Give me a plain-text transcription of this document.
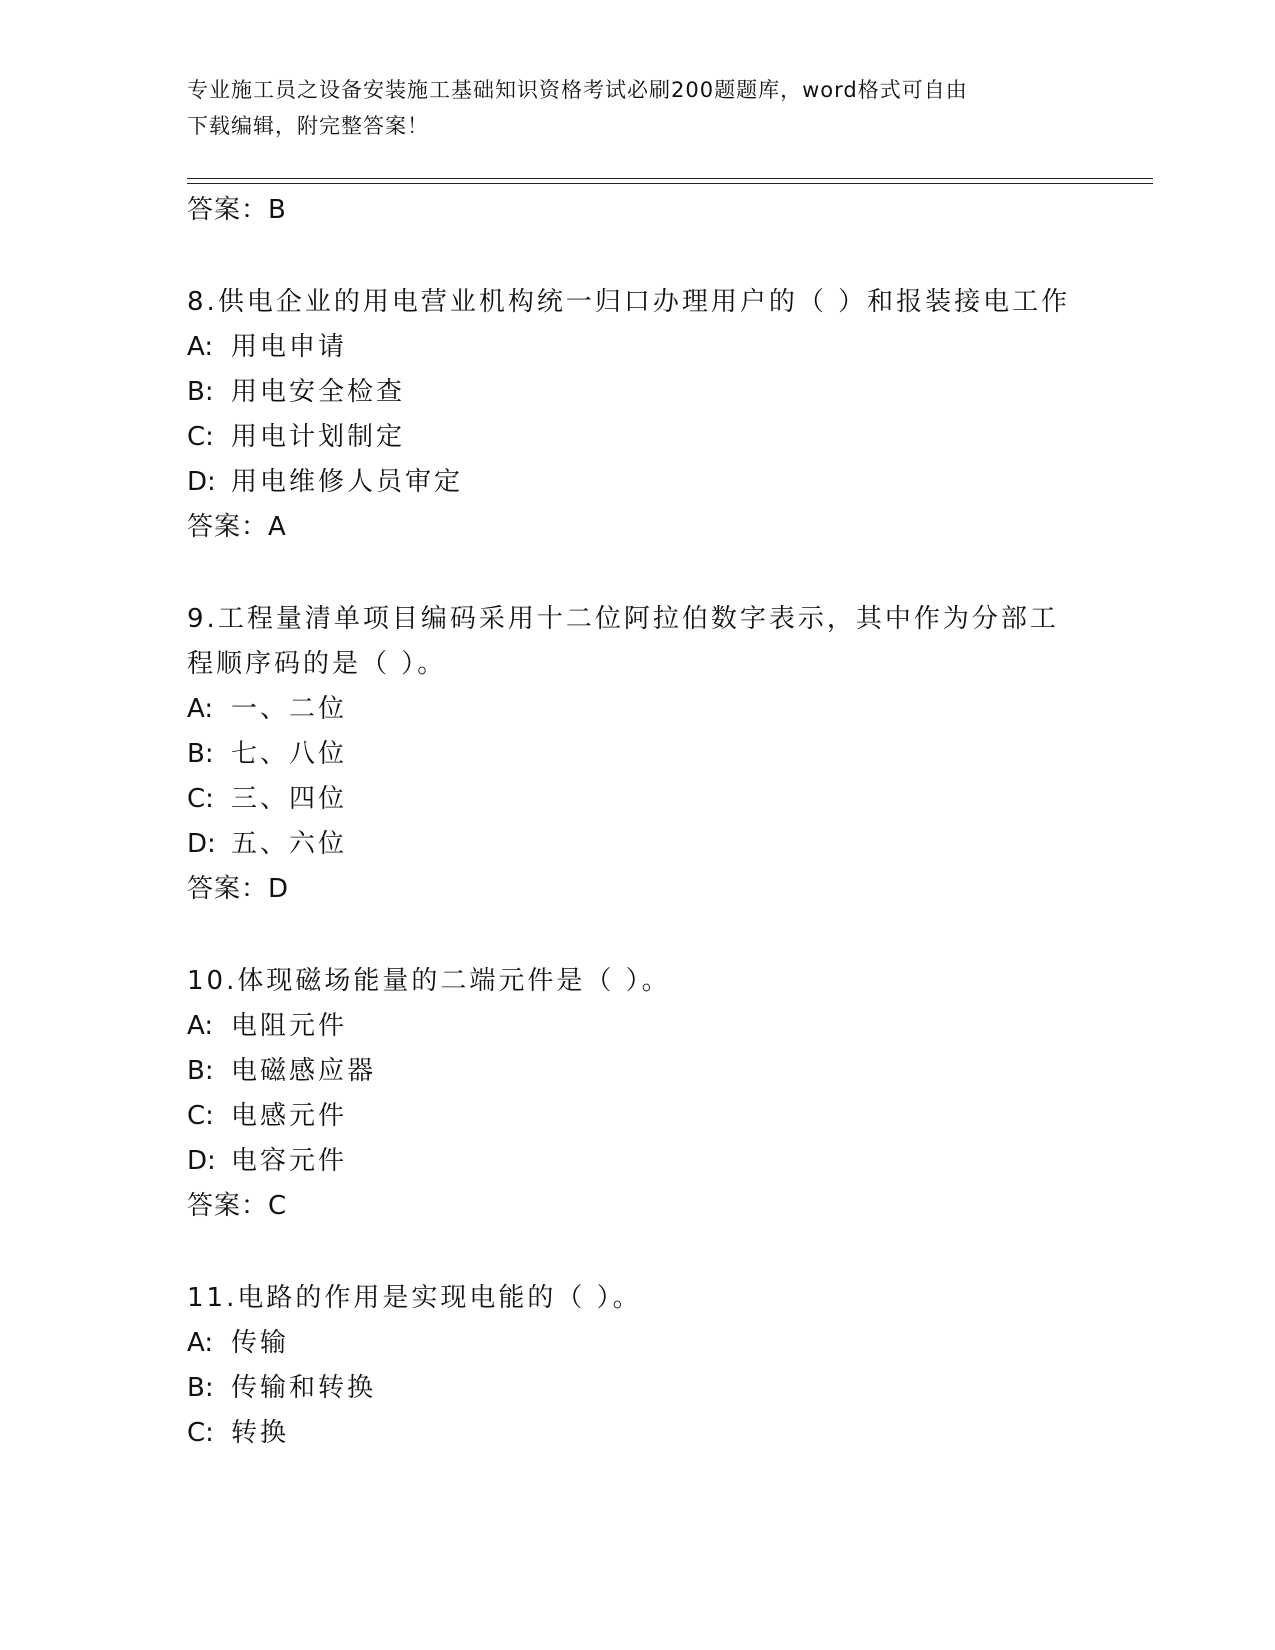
专业施工员之设备安装施工基础知识资格考试必刷200题题库，word格式可自由
下载编辑，附完整答案！
答案：B
8.供电企业的用电营业机构统一归口办理用户的（ ）和报装接电工作
A: 用电申请
B: 用电安全检查
C: 用电计划制定
D: 用电维修人员审定
答案：A
9.工程量清单项目编码采用十二位阿拉伯数字表示，其中作为分部工
程顺序码的是（ ）。
A: 一、二位
B: 七、八位
C: 三、四位
D: 五、六位
答案：D
10.体现磁场能量的二端元件是（ ）。
A: 电阻元件
B: 电磁感应器
C: 电感元件
D: 电容元件
答案：C
11.电路的作用是实现电能的（ ）。
A: 传输
B: 传输和转换
C: 转换
